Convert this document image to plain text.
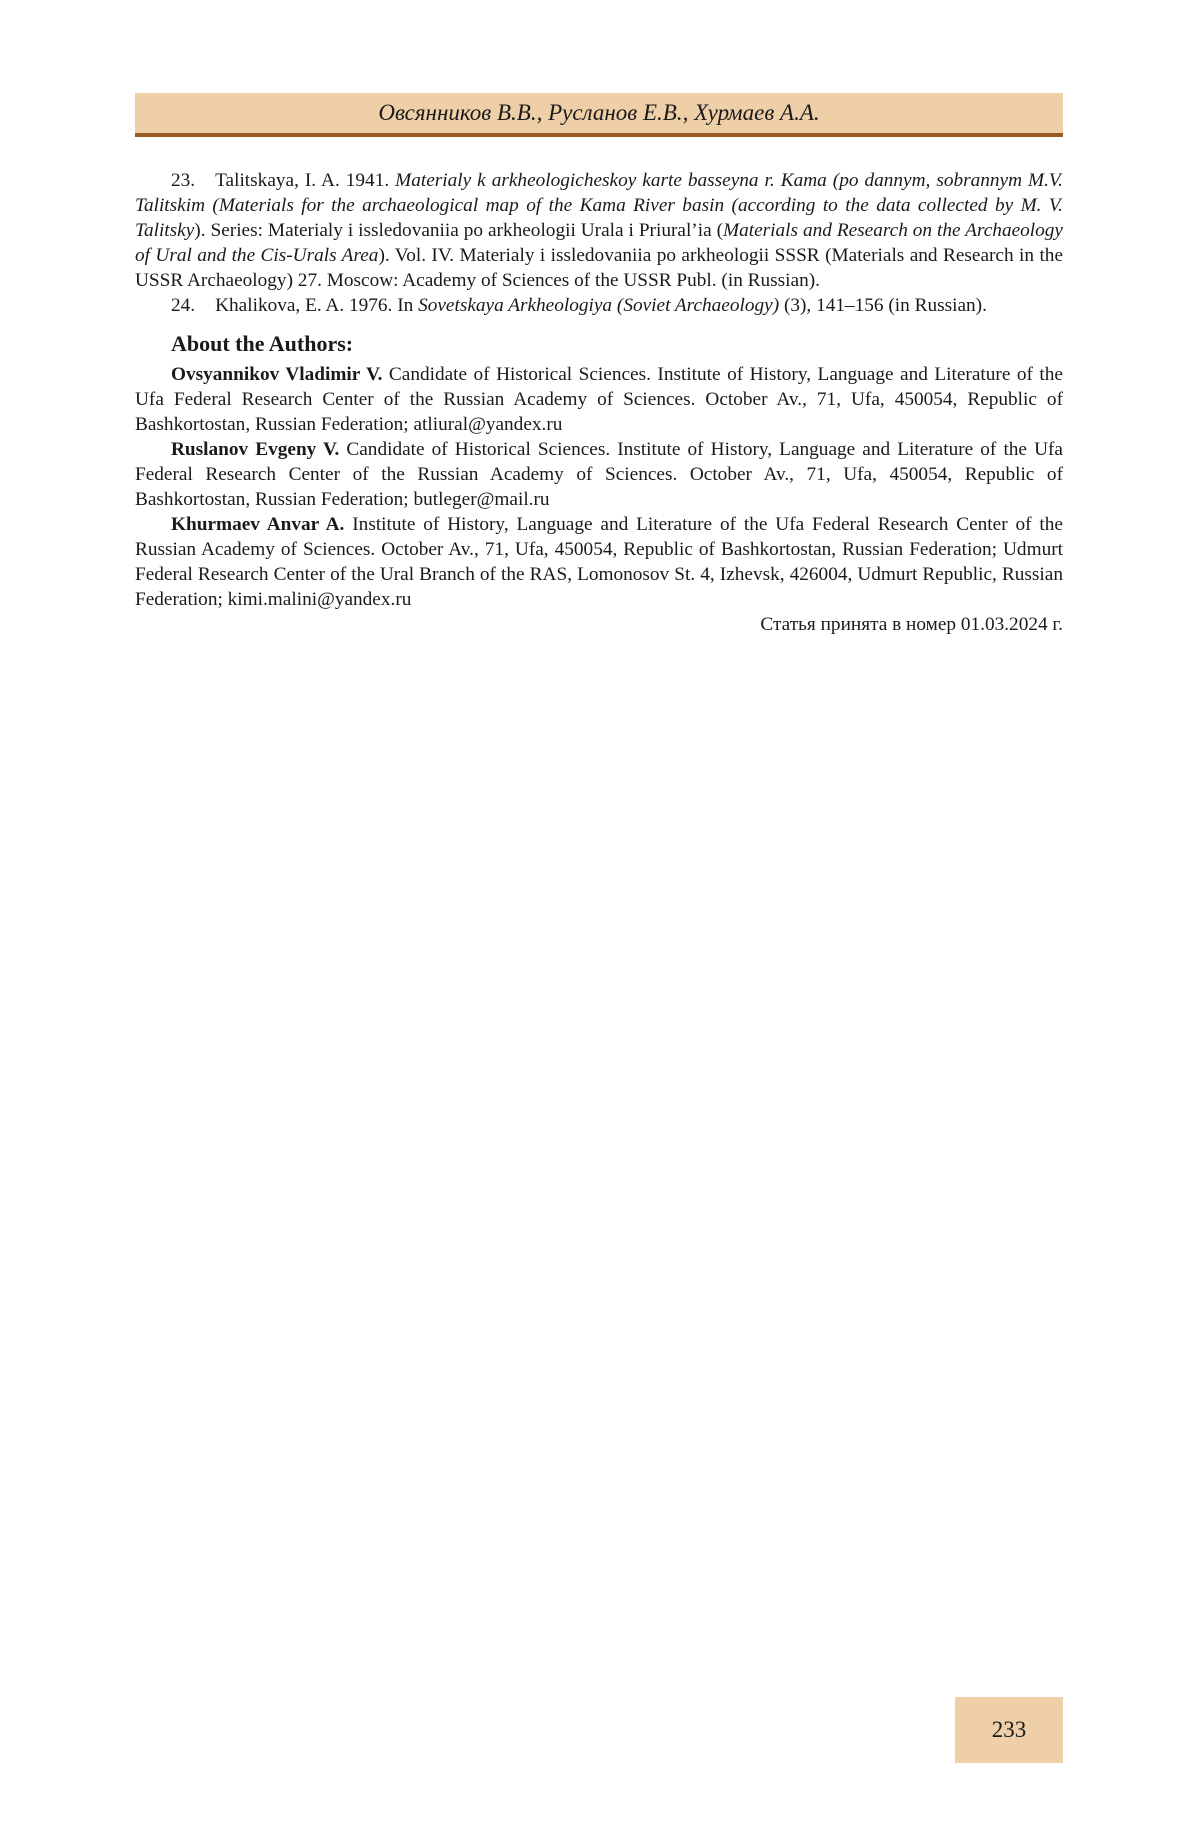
Овсянников В.В., Русланов Е.В., Хурмаев А.А.

23. Talitskaya, I. A. 1941. Materialy k arkheologicheskoy karte basseyna r. Kama (po dannym, sobrannym M.V. Talitskim (Materials for the archaeological map of the Kama River basin (according to the data collected by M. V. Talitsky). Series: Materialy i issledovaniia po arkheologii Urala i Priural’ia (Materials and Research on the Archaeology of Ural and the Cis-Urals Area). Vol. IV. Materialy i issledovaniia po arkheologii SSSR (Materials and Research in the USSR Archaeology) 27. Moscow: Academy of Sciences of the USSR Publ. (in Russian).

24. Khalikova, E. A. 1976. In Sovetskaya Arkheologiya (Soviet Archaeology) (3), 141–156 (in Russian).

About the Authors:

Ovsyannikov Vladimir V. Candidate of Historical Sciences. Institute of History, Language and Literature of the Ufa Federal Research Center of the Russian Academy of Sciences. October Av., 71, Ufa, 450054, Republic of Bashkortostan, Russian Federation; atliural@yandex.ru

Ruslanov Evgeny V. Candidate of Historical Sciences. Institute of History, Language and Literature of the Ufa Federal Research Center of the Russian Academy of Sciences. October Av., 71, Ufa, 450054, Republic of Bashkortostan, Russian Federation; butleger@mail.ru

Khurmaev Anvar A. Institute of History, Language and Literature of the Ufa Federal Research Center of the Russian Academy of Sciences. October Av., 71, Ufa, 450054, Republic of Bashkortostan, Russian Federation; Udmurt Federal Research Center of the Ural Branch of the RAS, Lomonosov St. 4, Izhevsk, 426004, Udmurt Republic, Russian Federation; kimi.malini@yandex.ru

Статья принята в номер 01.03.2024 г.

233
